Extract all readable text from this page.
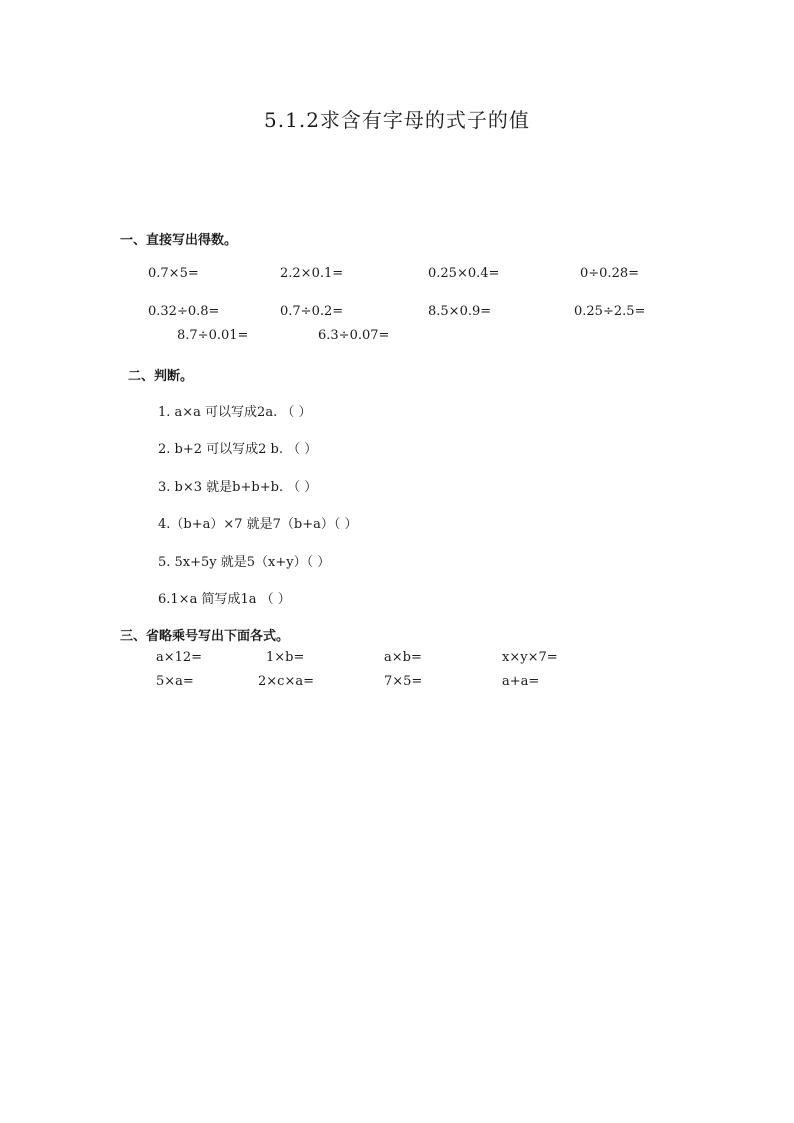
5.1.2求含有字母的式子的值
一、直接写出得数。
0.7×5=	2.2×0.1=	0.25×0.4=	0÷0.28=
0.32÷0.8=	0.7÷0.2=	8.5×0.9=	0.25÷2.5=
8.7÷0.01=	6.3÷0.07=
二、判断。
1. a×a 可以写成2a. （ ）
2. b+2 可以写成2 b. （ ）
3. b×3 就是b+b+b. （ ）
4.（b+a）×7 就是7（b+a）（ ）
5. 5x+5y 就是5（x+y）（ ）
6.1×a 简写成1a （ ）
三、省略乘号写出下面各式。
a×12=	1×b=	a×b=	x×y×7=
5×a=	2×c×a=	7×5=	a+a=
